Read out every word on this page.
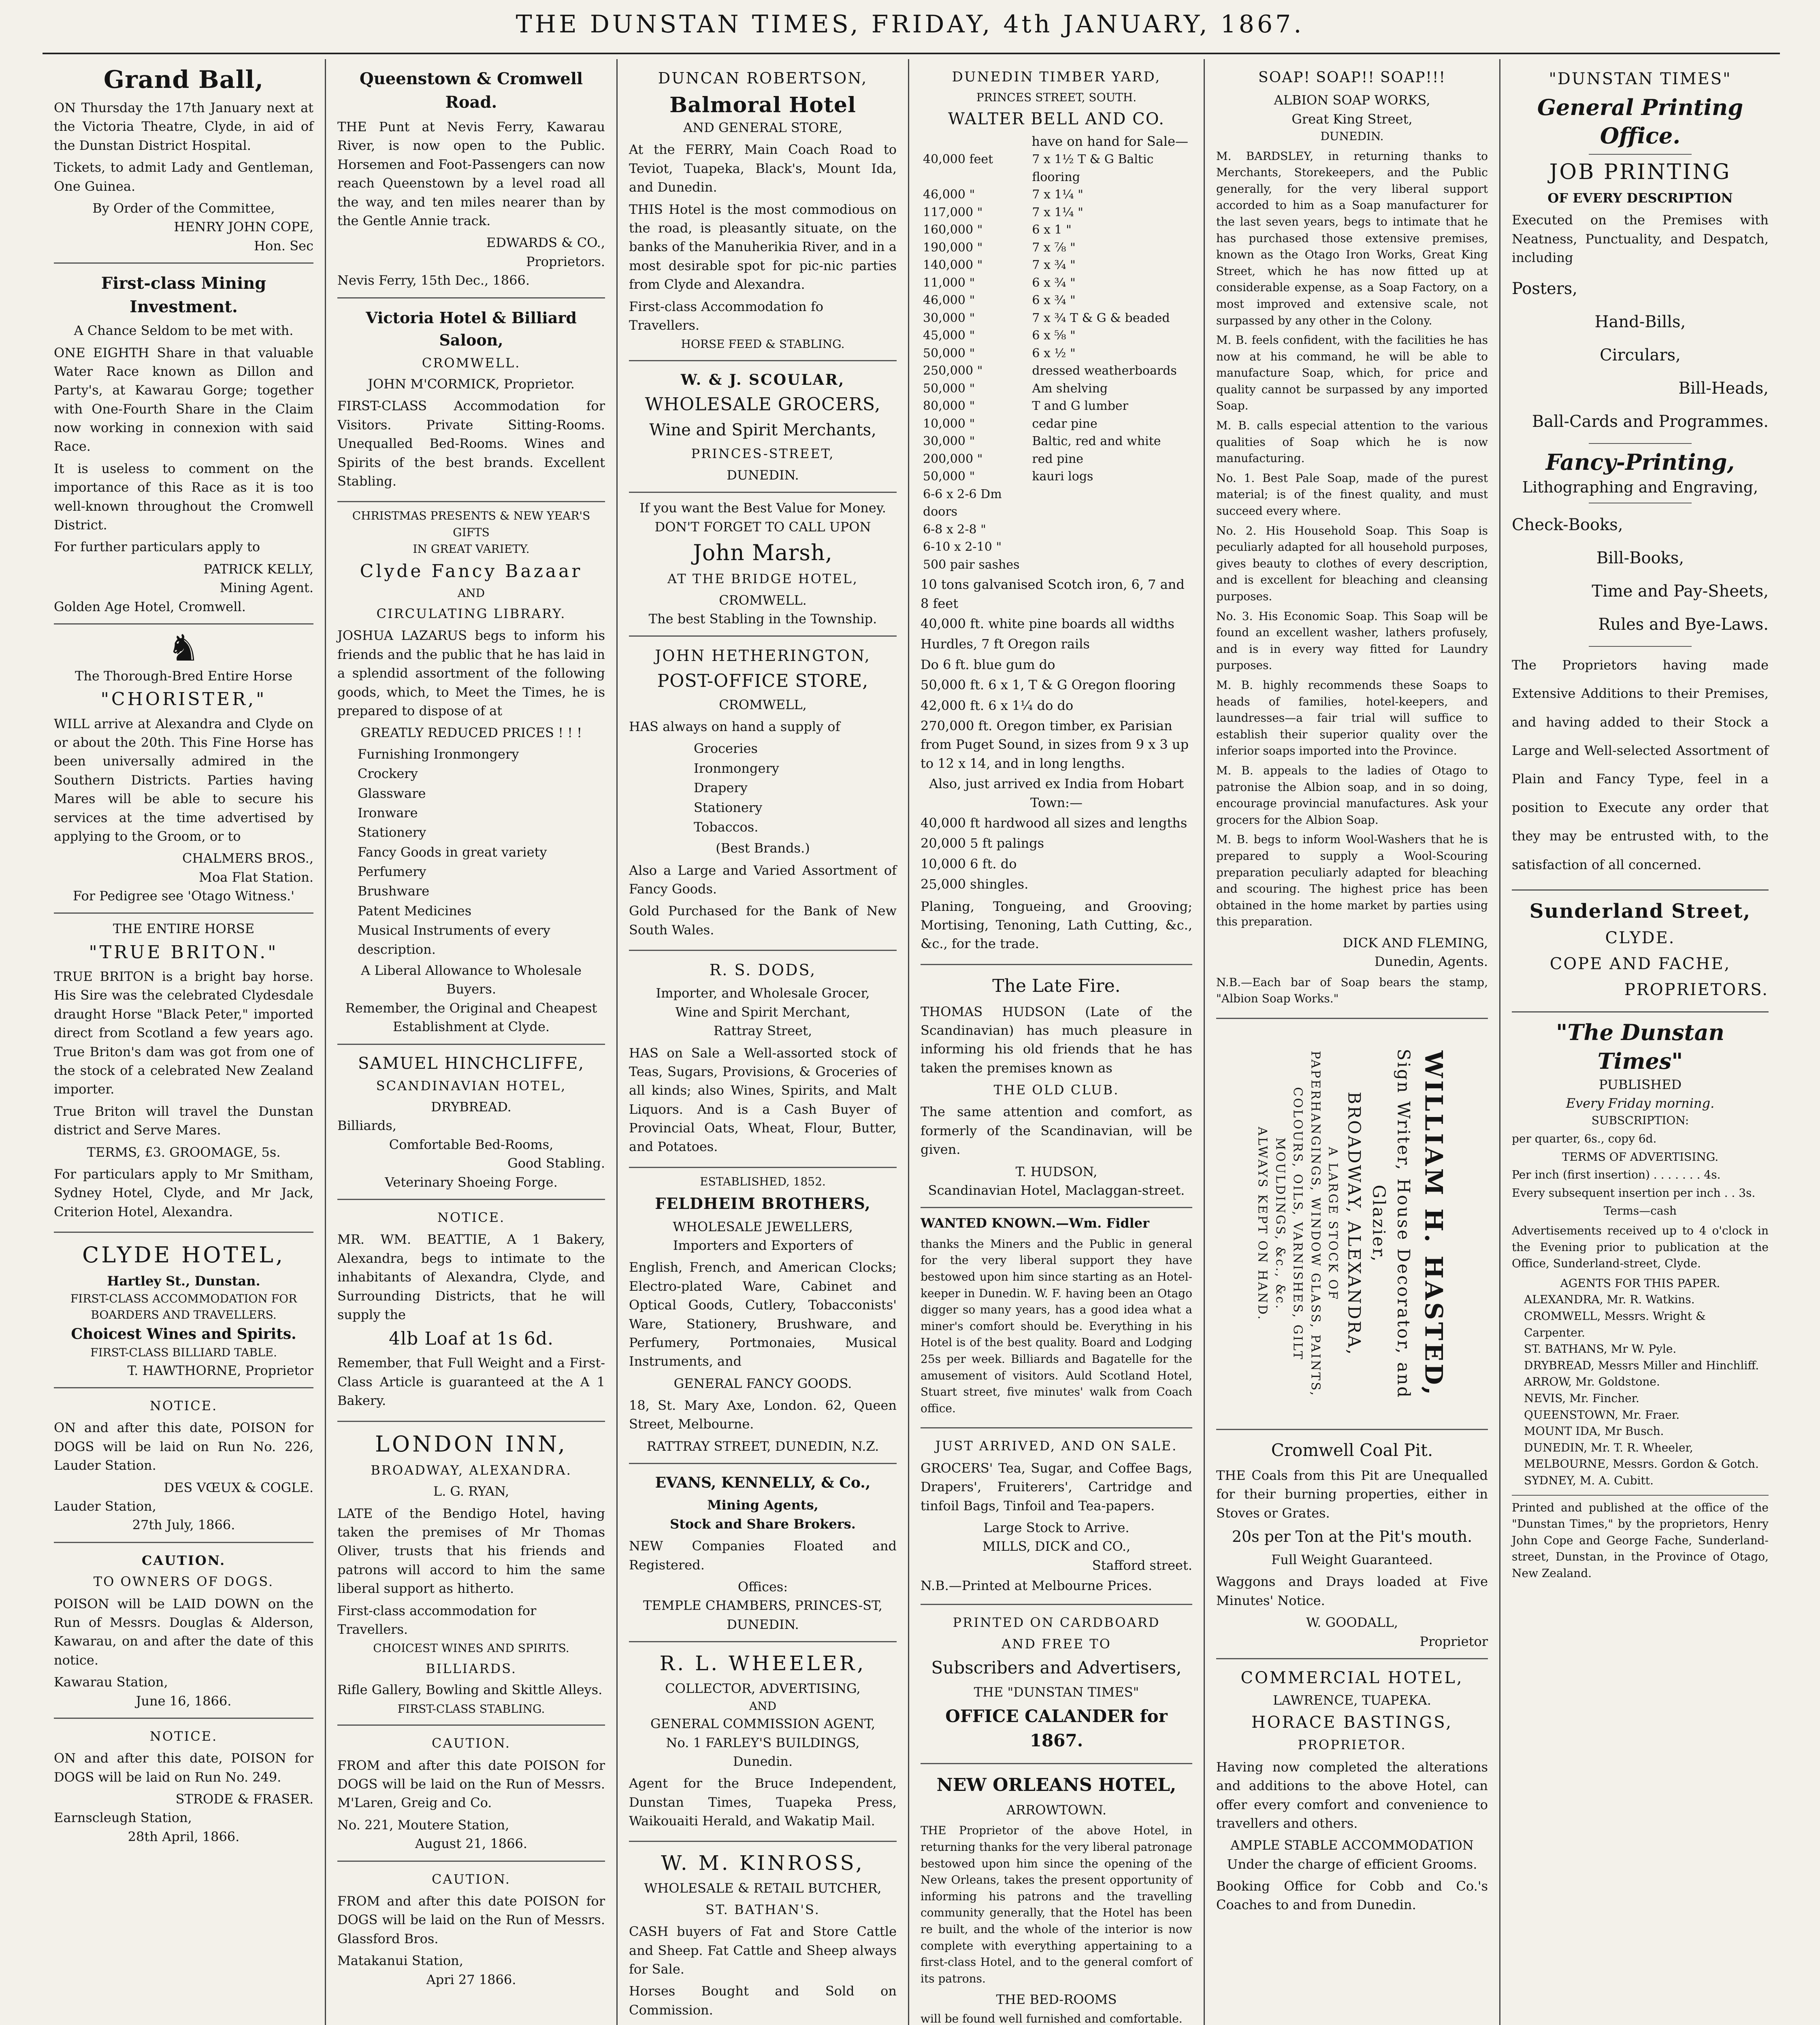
THE DUNSTAN TIMES, FRIDAY, 4th JANUARY, 1867.
Grand Ball,
ON Thursday the 17th January next at the Victoria Theatre, Clyde, in aid of the Dunstan District Hospital.
Tickets, to admit Lady and Gentleman, One Guinea.
By Order of the Committee,
HENRY JOHN COPE,
Hon. Sec
First-class Mining Investment.
A Chance Seldom to be met with.
ONE EIGHTH Share in that valuable Water Race known as Dillon and Party's, at Kawarau Gorge; together with One-Fourth Share in the Claim now working in connexion with said Race.
It is useless to comment on the importance of this Race as it is too well-known throughout the Cromwell District.
For further particulars apply to
PATRICK KELLY,
Mining Agent.
Golden Age Hotel, Cromwell.
♞
The Thorough-Bred Entire Horse
"CHORISTER,"
WILL arrive at Alexandra and Clyde on or about the 20th. This Fine Horse has been universally admired in the Southern Districts. Parties having Mares will be able to secure his services at the time advertised by applying to the Groom, or to
CHALMERS BROS.,
Moa Flat Station.
For Pedigree see 'Otago Witness.'
THE ENTIRE HORSE
"TRUE BRITON."
TRUE BRITON is a bright bay horse. His Sire was the celebrated Clydesdale draught Horse "Black Peter," imported direct from Scotland a few years ago. True Briton's dam was got from one of the stock of a celebrated New Zealand importer.
True Briton will travel the Dunstan district and Serve Mares.
TERMS, £3. GROOMAGE, 5s.
For particulars apply to Mr Smitham, Sydney Hotel, Clyde, and Mr Jack, Criterion Hotel, Alexandra.
CLYDE HOTEL,
Hartley St., Dunstan.
FIRST-CLASS ACCOMMODATION FOR BOARDERS AND TRAVELLERS.
Choicest Wines and Spirits.
FIRST-CLASS BILLIARD TABLE.
T. HAWTHORNE, Proprietor
NOTICE.
ON and after this date, POISON for DOGS will be laid on Run No. 226, Lauder Station.
DES VŒUX & COGLE.
Lauder Station,
27th July, 1866.
CAUTION.
TO OWNERS OF DOGS.
POISON will be LAID DOWN on the Run of Messrs. Douglas & Alderson, Kawarau, on and after the date of this notice.
Kawarau Station,
June 16, 1866.
NOTICE.
ON and after this date, POISON for DOGS will be laid on Run No. 249.
STRODE & FRASER.
Earnscleugh Station,
28th April, 1866.
Queenstown & Cromwell Road.
THE Punt at Nevis Ferry, Kawarau River, is now open to the Public. Horsemen and Foot-Passengers can now reach Queenstown by a level road all the way, and ten miles nearer than by the Gentle Annie track.
EDWARDS & CO.,
Proprietors.
Nevis Ferry, 15th Dec., 1866.
Victoria Hotel & Billiard Saloon,
CROMWELL.
JOHN M'CORMICK, Proprietor.
FIRST-CLASS Accommodation for Visitors. Private Sitting-Rooms. Unequalled Bed-Rooms. Wines and Spirits of the best brands. Excellent Stabling.
CHRISTMAS PRESENTS & NEW YEAR'S
GIFTS
IN GREAT VARIETY.
Clyde Fancy Bazaar
AND
CIRCULATING LIBRARY.
JOSHUA LAZARUS begs to inform his friends and the public that he has laid in a splendid assortment of the following goods, which, to Meet the Times, he is prepared to dispose of at
GREATLY REDUCED PRICES ! ! !
Furnishing Ironmongery
Crockery
Glassware
Ironware
Stationery
Fancy Goods in great variety
Perfumery
Brushware
Patent Medicines
Musical Instruments of every description.
A Liberal Allowance to Wholesale Buyers.
Remember, the Original and Cheapest Establishment at Clyde.
SAMUEL HINCHCLIFFE,
SCANDINAVIAN HOTEL,
DRYBREAD.
Billiards,
Comfortable Bed-Rooms,
Good Stabling.
Veterinary Shoeing Forge.
NOTICE.
MR. WM. BEATTIE, A 1 Bakery, Alexandra, begs to intimate to the inhabitants of Alexandra, Clyde, and Surrounding Districts, that he will supply the
4lb Loaf at 1s 6d.
Remember, that Full Weight and a First-Class Article is guaranteed at the A 1 Bakery.
LONDON INN,
BROADWAY, ALEXANDRA.
L. G. RYAN,
LATE of the Bendigo Hotel, having taken the premises of Mr Thomas Oliver, trusts that his friends and patrons will accord to him the same liberal support as hitherto.
First-class accommodation for Travellers.
CHOICEST WINES AND SPIRITS.
BILLIARDS.
Rifle Gallery, Bowling and Skittle Alleys.
FIRST-CLASS STABLING.
CAUTION.
FROM and after this date POISON for DOGS will be laid on the Run of Messrs. M'Laren, Greig and Co.
No. 221, Moutere Station,
August 21, 1866.
CAUTION.
FROM and after this date POISON for DOGS will be laid on the Run of Messrs. Glassford Bros.
Matakanui Station,
Apri 27 1866.
DUNCAN ROBERTSON,
Balmoral Hotel
AND GENERAL STORE,
At the FERRY, Main Coach Road to Teviot, Tuapeka, Black's, Mount Ida, and Dunedin.
THIS Hotel is the most commodious on the road, is pleasantly situate, on the banks of the Manuherikia River, and in a most desirable spot for pic-nic parties from Clyde and Alexandra.
First-class Accommodation fo Travellers.
HORSE FEED & STABLING.
W. & J. SCOULAR,
WHOLESALE GROCERS,
Wine and Spirit Merchants,
PRINCES-STREET,
DUNEDIN.
If you want the Best Value for Money.
DON'T FORGET TO CALL UPON
John Marsh,
AT THE BRIDGE HOTEL,
CROMWELL.
The best Stabling in the Township.
JOHN HETHERINGTON,
POST-OFFICE STORE,
CROMWELL,
HAS always on hand a supply of
Groceries
Ironmongery
Drapery
Stationery
Tobaccos.
(Best Brands.)
Also a Large and Varied Assortment of Fancy Goods.
Gold Purchased for the Bank of New South Wales.
R. S. DODS,
Importer, and Wholesale Grocer,
Wine and Spirit Merchant,
Rattray Street,
HAS on Sale a Well-assorted stock of Teas, Sugars, Provisions, & Groceries of all kinds; also Wines, Spirits, and Malt Liquors. And is a Cash Buyer of Provincial Oats, Wheat, Flour, Butter, and Potatoes.
ESTABLISHED, 1852.
FELDHEIM BROTHERS,
WHOLESALE JEWELLERS,
Importers and Exporters of
English, French, and American Clocks; Electro-plated Ware, Cabinet and Optical Goods, Cutlery, Tobacconists' Ware, Stationery, Brushware, and Perfumery, Portmonaies, Musical Instruments, and
GENERAL FANCY GOODS.
18, St. Mary Axe, London. 62, Queen Street, Melbourne.
RATTRAY STREET, DUNEDIN, N.Z.
EVANS, KENNELLY, & Co.,
Mining Agents,
Stock and Share Brokers.
NEW Companies Floated and Registered.
Offices:
TEMPLE CHAMBERS, PRINCES-ST,
DUNEDIN.
R. L. WHEELER,
COLLECTOR, ADVERTISING,
AND
GENERAL COMMISSION AGENT,
No. 1 FARLEY'S BUILDINGS,
Dunedin.
Agent for the Bruce Independent, Dunstan Times, Tuapeka Press, Waikouaiti Herald, and Wakatip Mail.
W. M. KINROSS,
WHOLESALE & RETAIL BUTCHER,
ST. BATHAN'S.
CASH buyers of Fat and Store Cattle and Sheep. Fat Cattle and Sheep always for Sale.
Horses Bought and Sold on Commission.
DUNEDIN TIMBER YARD,
PRINCES STREET, SOUTH.
WALTER BELL AND CO.
have on hand for Sale—
40,000 feet	7 x 1½ T & G Baltic flooring
46,000 "	7 x 1¼ "
117,000 "	7 x 1¼ "
160,000 "	6 x 1 "
190,000 "	7 x ⅞ "
140,000 "	7 x ¾ "
11,000 "	6 x ¾ "
46,000 "	6 x ¾ "
30,000 "	7 x ¾ T & G & beaded
45,000 "	6 x ⅝ "
50,000 "	6 x ½ "
250,000 "	dressed weatherboards
50,000 "	Am shelving
80,000 "	T and G lumber
10,000 "	cedar pine
30,000 "	Baltic, red and white
200,000 "	red pine
50,000 "	kauri logs
6-6 x 2-6 Dm doors	
6-8 x 2-8 "	
6-10 x 2-10 "	
500 pair sashes	
10 tons galvanised Scotch iron, 6, 7 and 8 feet
40,000 ft. white pine boards all widths
Hurdles, 7 ft Oregon rails
Do 6 ft. blue gum do
50,000 ft. 6 x 1, T & G Oregon flooring
42,000 ft. 6 x 1¼ do do
270,000 ft. Oregon timber, ex Parisian from Puget Sound, in sizes from 9 x 3 up to 12 x 14, and in long lengths.
Also, just arrived ex India from Hobart Town:—
40,000 ft hardwood all sizes and lengths
20,000 5 ft palings
10,000 6 ft. do
25,000 shingles.
Planing, Tongueing, and Grooving; Mortising, Tenoning, Lath Cutting, &c., &c., for the trade.
The Late Fire.
THOMAS HUDSON (Late of the Scandinavian) has much pleasure in informing his old friends that he has taken the premises known as
THE OLD CLUB.
The same attention and comfort, as formerly of the Scandinavian, will be given.
T. HUDSON,
Scandinavian Hotel, Maclaggan-street.
WANTED KNOWN.—Wm. Fidler
thanks the Miners and the Public in general for the very liberal support they have bestowed upon him since starting as an Hotel-keeper in Dunedin. W. F. having been an Otago digger so many years, has a good idea what a miner's comfort should be. Everything in his Hotel is of the best quality. Board and Lodging 25s per week. Billiards and Bagatelle for the amusement of visitors. Auld Scotland Hotel, Stuart street, five minutes' walk from Coach office.
JUST ARRIVED, AND ON SALE.
GROCERS' Tea, Sugar, and Coffee Bags, Drapers', Fruiterers', Cartridge and tinfoil Bags, Tinfoil and Tea-papers.
Large Stock to Arrive.
MILLS, DICK and CO.,
Stafford street.
N.B.—Printed at Melbourne Prices.
PRINTED ON CARDBOARD
AND FREE TO
Subscribers and Advertisers,
THE "DUNSTAN TIMES"
OFFICE CALANDER for 1867.
NEW ORLEANS HOTEL,
ARROWTOWN.
THE Proprietor of the above Hotel, in returning thanks for the very liberal patronage bestowed upon him since the opening of the New Orleans, takes the present opportunity of informing his patrons and the travelling community generally, that the Hotel has been re built, and the whole of the interior is now complete with everything appertaining to a first-class Hotel, and to the general comfort of its patrons.
THE BED-ROOMS
will be found well furnished and comfortable.
SOAP! SOAP!! SOAP!!!
ALBION SOAP WORKS,
Great King Street,
DUNEDIN.
M. BARDSLEY, in returning thanks to Merchants, Storekeepers, and the Public generally, for the very liberal support accorded to him as a Soap manufacturer for the last seven years, begs to intimate that he has purchased those extensive premises, known as the Otago Iron Works, Great King Street, which he has now fitted up at considerable expense, as a Soap Factory, on a most improved and extensive scale, not surpassed by any other in the Colony.
M. B. feels confident, with the facilities he has now at his command, he will be able to manufacture Soap, which, for price and quality cannot be surpassed by any imported Soap.
M. B. calls especial attention to the various qualities of Soap which he is now manufacturing.
No. 1. Best Pale Soap, made of the purest material; is of the finest quality, and must succeed every where.
No. 2. His Household Soap. This Soap is peculiarly adapted for all household purposes, gives beauty to clothes of every description, and is excellent for bleaching and cleansing purposes.
No. 3. His Economic Soap. This Soap will be found an excellent washer, lathers profusely, and is in every way fitted for Laundry purposes.
M. B. highly recommends these Soaps to heads of families, hotel-keepers, and laundresses—a fair trial will suffice to establish their superior quality over the inferior soaps imported into the Province.
M. B. appeals to the ladies of Otago to patronise the Albion soap, and in so doing, encourage provincial manufactures. Ask your grocers for the Albion Soap.
M. B. begs to inform Wool-Washers that he is prepared to supply a Wool-Scouring preparation peculiarly adapted for bleaching and scouring. The highest price has been obtained in the home market by parties using this preparation.
DICK AND FLEMING,
Dunedin, Agents.
N.B.—Each bar of Soap bears the stamp, "Albion Soap Works."
WILLIAM H. HASTED,
Sign Writer, House Decorator, and Glazier,
BROADWAY, ALEXANDRA,
A LARGE STOCK OF
PAPERHANGINGS, WINDOW GLASS, PAINTS, COLOURS, OILS, VARNISHES, GILT MOULDINGS, &c., &c.
ALWAYS KEPT ON HAND.
Cromwell Coal Pit.
THE Coals from this Pit are Unequalled for their burning properties, either in Stoves or Grates.
20s per Ton at the Pit's mouth.
Full Weight Guaranteed.
Waggons and Drays loaded at Five Minutes' Notice.
W. GOODALL,
Proprietor
COMMERCIAL HOTEL,
LAWRENCE, TUAPEKA.
HORACE BASTINGS,
PROPRIETOR.
Having now completed the alterations and additions to the above Hotel, can offer every comfort and convenience to travellers and others.
AMPLE STABLE ACCOMMODATION
Under the charge of efficient Grooms.
Booking Office for Cobb and Co.'s Coaches to and from Dunedin.
"DUNSTAN TIMES"
General Printing Office.
JOB PRINTING
OF EVERY DESCRIPTION
Executed on the Premises with Neatness, Punctuality, and Despatch, including
Posters,
Hand-Bills,
Circulars,
Bill-Heads,
Ball-Cards and Programmes.
Fancy-Printing,
Lithographing and Engraving,
Check-Books,
Bill-Books,
Time and Pay-Sheets,
Rules and Bye-Laws.
The Proprietors having made Extensive Additions to their Premises, and having added to their Stock a Large and Well-selected Assortment of Plain and Fancy Type, feel in a position to Execute any order that they may be entrusted with, to the satisfaction of all concerned.
Sunderland Street,
CLYDE.
COPE AND FACHE,
PROPRIETORS.
"The Dunstan Times"
PUBLISHED
Every Friday morning.
SUBSCRIPTION:
per quarter, 6s., copy 6d.
TERMS OF ADVERTISING.
Per inch (first insertion) . . . . . . . 4s.
Every subsequent insertion per inch . . 3s.
Terms—cash
Advertisements received up to 4 o'clock in the Evening prior to publication at the Office, Sunderland-street, Clyde.
AGENTS FOR THIS PAPER.
ALEXANDRA, Mr. R. Watkins.
CROMWELL, Messrs. Wright & Carpenter.
ST. BATHANS, Mr W. Pyle.
DRYBREAD, Messrs Miller and Hinchliff.
ARROW, Mr. Goldstone.
NEVIS, Mr. Fincher.
QUEENSTOWN, Mr. Fraer.
MOUNT IDA, Mr Busch.
DUNEDIN, Mr. T. R. Wheeler,
MELBOURNE, Messrs. Gordon & Gotch.
SYDNEY, M. A. Cubitt.
Printed and published at the office of the "Dunstan Times," by the proprietors, Henry John Cope and George Fache, Sunderland-street, Dunstan, in the Province of Otago, New Zealand.
